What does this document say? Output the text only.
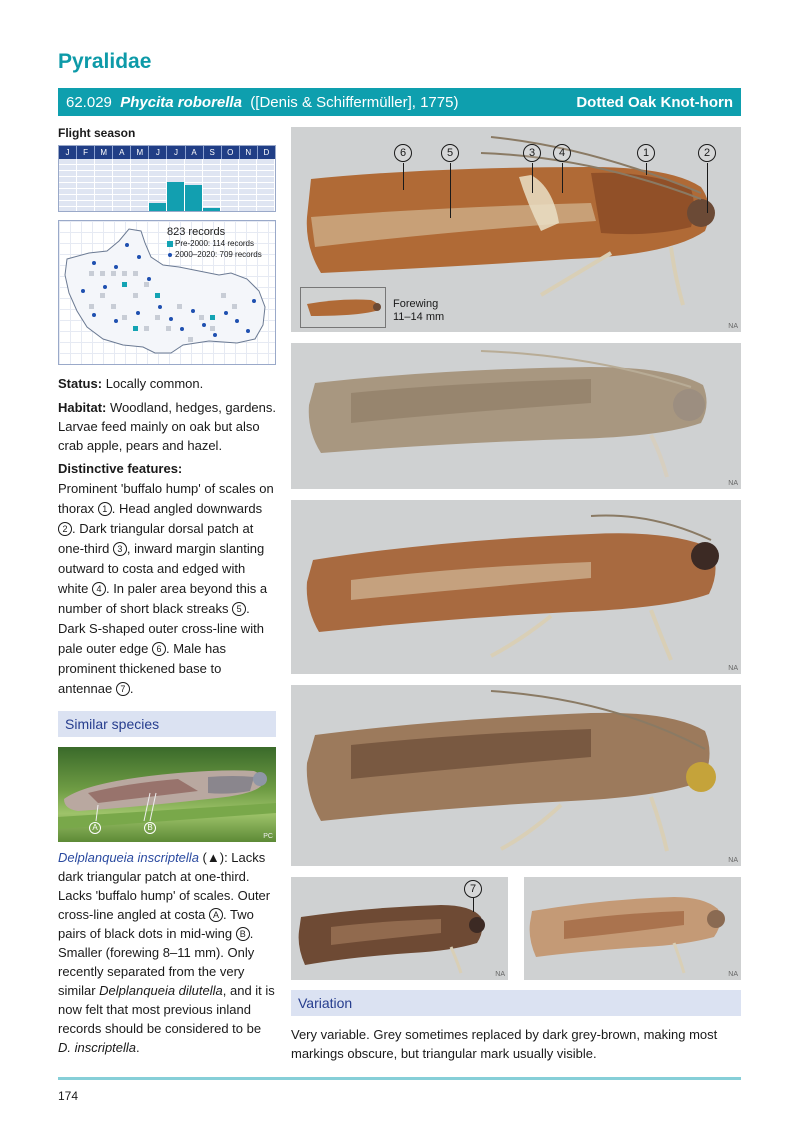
Pyralidae
62.029 Phycita roborella ([Denis & Schiffermüller], 1775)	Dotted Oak Knot-horn
Flight season
J	F	M	A	M	J	J	A	S	O	N	D
823 records
Pre-2000: 114 records
2000–2020: 709 records
Status: Locally common.
Habitat: Woodland, hedges, gardens. Larvae feed mainly on oak but also crab apple, pears and hazel.
Distinctive features:
Prominent 'buffalo hump' of scales on thorax 1 . Head angled downwards 2 . Dark triangular dorsal patch at one-third 3 , inward margin slanting outward to costa and edged with white 4 . In paler area beyond this a number of short black streaks 5 . Dark S-shaped outer cross-line with pale outer edge 6 . Male has prominent thickened base to antennae 7 .
Similar species
A	B
PC
Delplanqueia inscriptella (▲): Lacks dark triangular patch at one-third. Lacks 'buffalo hump' of scales. Outer cross-line angled at costa A . Two pairs of black dots in mid-wing B . Smaller (forewing 8–11 mm). Only recently separated from the very similar Delplanqueia dilutella, and it is now felt that most previous inland records should be considered to be D. inscriptella.
NA
6	5	3	4	1	2
Forewing
11–14 mm
NA
NA
NA
NA
7
NA
Variation
Very variable. Grey sometimes replaced by dark grey-brown, making most markings obscure, but triangular mark usually visible.
174
